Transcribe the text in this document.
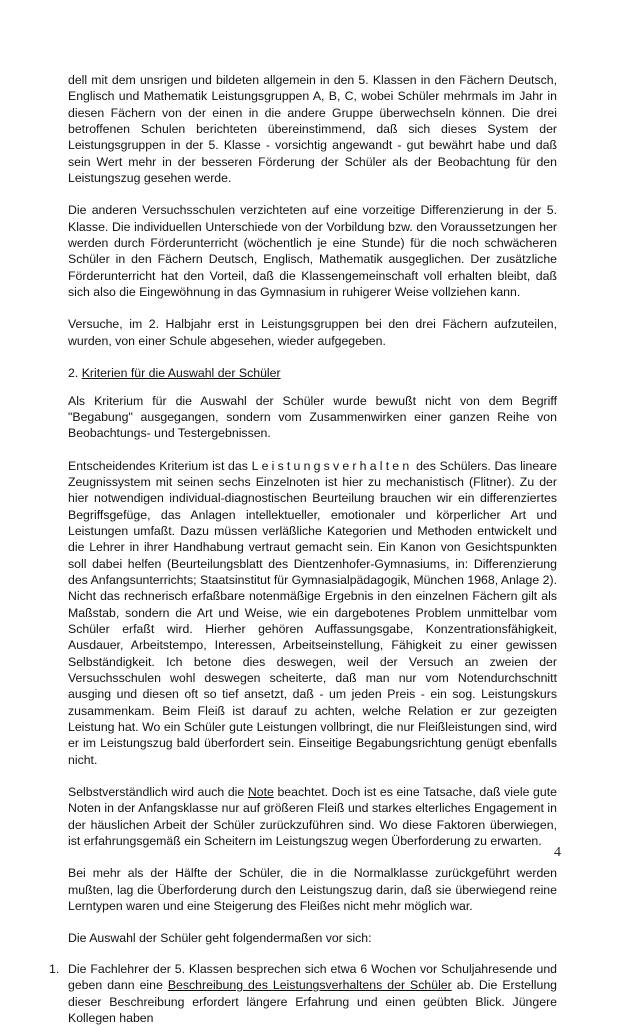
dell mit dem unsrigen und bildeten allgemein in den 5. Klassen in den Fächern Deutsch, Englisch und Mathematik Leistungsgruppen A, B, C, wobei Schüler mehrmals im Jahr in diesen Fächern von der einen in die andere Gruppe überwechseln können. Die drei betroffenen Schulen berichteten übereinstimmend, daß sich dieses System der Leistungsgruppen in der 5. Klasse - vorsichtig angewandt - gut bewährt habe und daß sein Wert mehr in der besseren Förderung der Schüler als der Beobachtung für den Leistungszug gesehen werde.

Die anderen Versuchsschulen verzichteten auf eine vorzeitige Differenzierung in der 5. Klasse. Die individuellen Unterschiede von der Vorbildung bzw. den Voraussetzungen her werden durch Förderunterricht (wöchentlich je eine Stunde) für die noch schwächeren Schüler in den Fächern Deutsch, Englisch, Mathematik ausgeglichen. Der zusätzliche Förderunterricht hat den Vorteil, daß die Klassengemeinschaft voll erhalten bleibt, daß sich also die Eingewöhnung in das Gymnasium in ruhigerer Weise vollziehen kann.

Versuche, im 2. Halbjahr erst in Leistungsgruppen bei den drei Fächern aufzuteilen, wurden, von einer Schule abgesehen, wieder aufgegeben.

2. Kriterien für die Auswahl der Schüler

Als Kriterium für die Auswahl der Schüler wurde bewußt nicht von dem Begriff "Begabung" ausgegangen, sondern vom Zusammenwirken einer ganzen Reihe von Beobachtungs- und Testergebnissen.

Entscheidendes Kriterium ist das Leistungsverhalten des Schülers. Das lineare Zeugnissystem mit seinen sechs Einzelnoten ist hier zu mechanistisch (Flitner). Zu der hier notwendigen individual-diagnostischen Beurteilung brauchen wir ein differenziertes Begriffsgefüge, das Anlagen intellektueller, emotionaler und körperlicher Art und Leistungen umfaßt. Dazu müssen verläßliche Kategorien und Methoden entwickelt und die Lehrer in ihrer Handhabung vertraut gemacht sein. Ein Kanon von Gesichtspunkten soll dabei helfen (Beurteilungsblatt des Dientzenhofer-Gymnasiums, in: Differenzierung des Anfangsunterrichts; Staatsinstitut für Gymnasialpädagogik, München 1968, Anlage 2). Nicht das rechnerisch erfaßbare notenmäßige Ergebnis in den einzelnen Fächern gilt als Maßstab, sondern die Art und Weise, wie ein dargebotenes Problem unmittelbar vom Schüler erfaßt wird. Hierher gehören Auffassungsgabe, Konzentrationsfähigkeit, Ausdauer, Arbeitstempo, Interessen, Arbeitseinstellung, Fähigkeit zu einer gewissen Selbständigkeit. Ich betone dies deswegen, weil der Versuch an zweien der Versuchsschulen wohl deswegen scheiterte, daß man nur vom Notendurchschnitt ausging und diesen oft so tief ansetzt, daß - um jeden Preis - ein sog. Leistungskurs zusammenkam. Beim Fleiß ist darauf zu achten, welche Relation er zur gezeigten Leistung hat. Wo ein Schüler gute Leistungen vollbringt, die nur Fleißleistungen sind, wird er im Leistungszug bald überfordert sein. Einseitige Begabungsrichtung genügt ebenfalls nicht.

Selbstverständlich wird auch die Note beachtet. Doch ist es eine Tatsache, daß viele gute Noten in der Anfangsklasse nur auf größeren Fleiß und starkes elterliches Engagement in der häuslichen Arbeit der Schüler zurückzuführen sind. Wo diese Faktoren überwiegen, ist erfahrungsgemäß ein Scheitern im Leistungszug wegen Überforderung zu erwarten.

Bei mehr als der Hälfte der Schüler, die in die Normalklasse zurückgeführt werden mußten, lag die Überforderung durch den Leistungszug darin, daß sie überwiegend reine Lerntypen waren und eine Steigerung des Fleißes nicht mehr möglich war.

Die Auswahl der Schüler geht folgendermaßen vor sich:

1. Die Fachlehrer der 5. Klassen besprechen sich etwa 6 Wochen vor Schuljahresende und geben dann eine Beschreibung des Leistungsverhaltens der Schüler ab. Die Erstellung dieser Beschreibung erfordert längere Erfahrung und einen geübten Blick. Jüngere Kollegen haben
4
